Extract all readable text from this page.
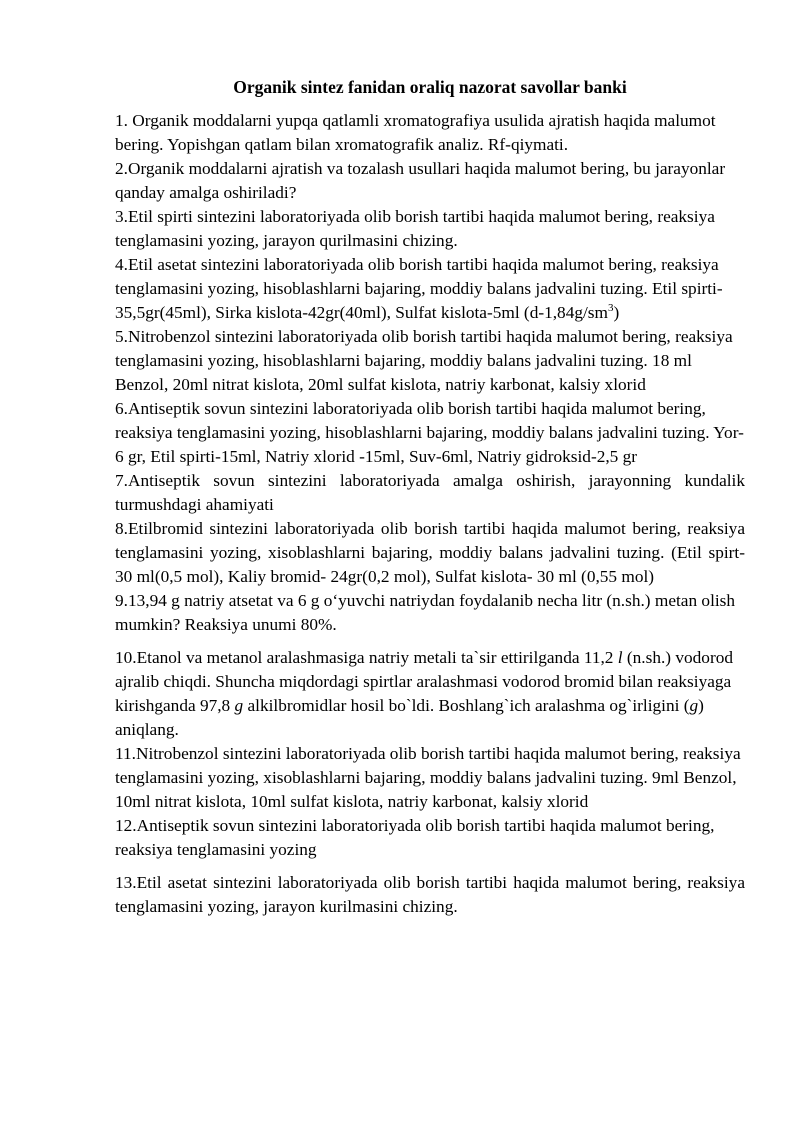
Organik sintez fanidan oraliq nazorat savollar banki

1. Organik moddalarni yupqa qatlamli xromatografiya usulida ajratish haqida malumot bering. Yopishgan qatlam bilan xromatografik analiz. Rf-qiymati.

2.Organik moddalarni ajratish va tozalash usullari haqida malumot bering, bu jarayonlar qanday amalga oshiriladi?

3.Etil spirti sintezini laboratoriyada olib borish tartibi haqida malumot bering, reaksiya tenglamasini yozing, jarayon qurilmasini chizing.

4.Etil asetat sintezini laboratoriyada olib borish tartibi haqida malumot bering, reaksiya tenglamasini yozing, hisoblashlarni bajaring, moddiy balans jadvalini tuzing. Etil spirti-35,5gr(45ml), Sirka kislota-42gr(40ml), Sulfat kislota-5ml $(d-1,84g/sm^3)$

5.Nitrobenzol sintezini laboratoriyada olib borish tartibi haqida malumot bering, reaksiya tenglamasini yozing, hisoblashlarni bajaring, moddiy balans jadvalini tuzing. 18 ml Benzol, 20ml nitrat kislota, 20ml sulfat kislota, natriy karbonat, kalsiy xlorid

6.Antiseptik sovun sintezini laboratoriyada olib borish tartibi haqida malumot bering, reaksiya tenglamasini yozing, hisoblashlarni bajaring, moddiy balans jadvalini tuzing. Yor-6 gr, Etil spirti-15ml, Natriy xlorid -15ml, Suv-6ml, Natriy gidroksid-2,5 gr

7.Antiseptik sovun sintezini laboratoriyada amalga oshirish, jarayonning kundalik turmushdagi ahamiyati

8.Etilbromid sintezini laboratoriyada olib borish tartibi haqida malumot bering, reaksiya tenglamasini yozing, xisoblashlarni bajaring, moddiy balans jadvalini tuzing. (Etil spirt- 30 ml(0,5 mol), Kaliy bromid- 24gr(0,2 mol), Sulfat kislota- 30 ml (0,55 mol)

9.13,94 g natriy atsetat va 6 g o‘yuvchi natriydan foydalanib necha litr (n.sh.) metan olish mumkin? Reaksiya unumi 80%.

10.Etanol va metanol aralashmasiga natriy metali ta`sir ettirilganda 11,2 l (n.sh.) vodorod ajralib chiqdi. Shuncha miqdordagi spirtlar aralashmasi vodorod bromid bilan reaksiyaga kirishganda 97,8 g alkilbromidlar hosil bo`ldi. Boshlang`ich aralashma og`irligini (g) aniqlang.

11.Nitrobenzol sintezini laboratoriyada olib borish tartibi haqida malumot bering, reaksiya tenglamasini yozing, xisoblashlarni bajaring, moddiy balans jadvalini tuzing. 9ml Benzol, 10ml nitrat kislota, 10ml sulfat kislota, natriy karbonat, kalsiy xlorid

12.Antiseptik sovun sintezini laboratoriyada olib borish tartibi haqida malumot bering, reaksiya tenglamasini yozing

13.Etil asetat sintezini laboratoriyada olib borish tartibi haqida malumot bering, reaksiya tenglamasini yozing, jarayon kurilmasini chizing.
